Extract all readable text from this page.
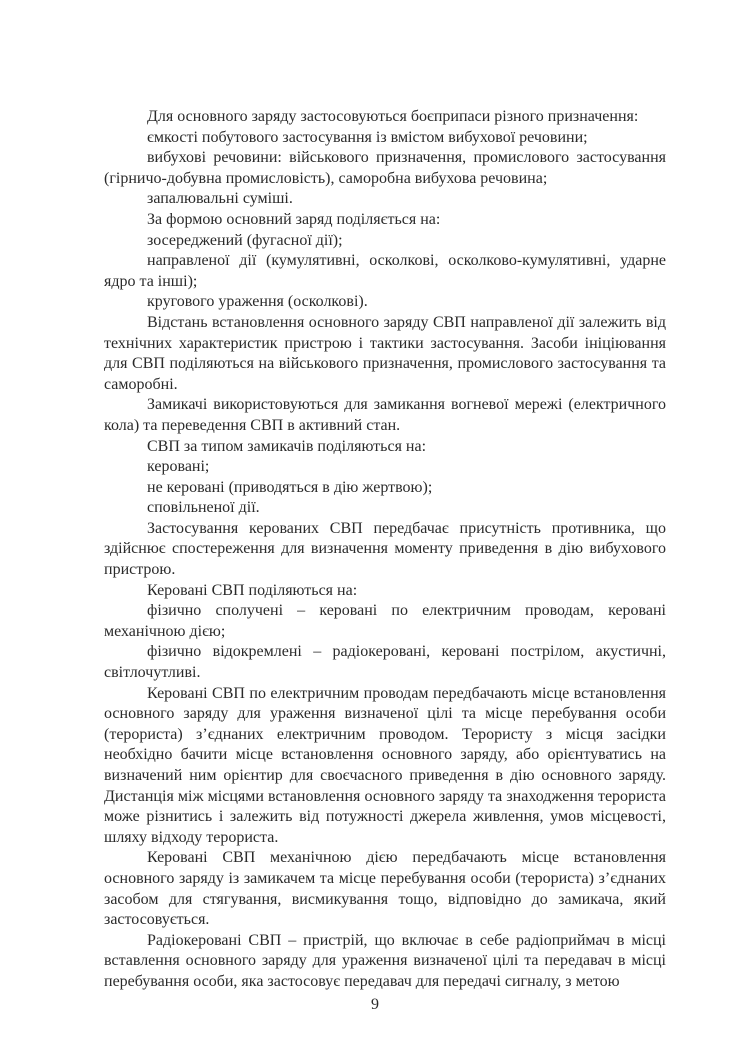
Для основного заряду застосовуються боєприпаси різного призначення:

ємкості побутового застосування із вмістом вибухової речовини;

вибухові речовини: військового призначення, промислового застосування (гірничо-добувна промисловість), саморобна вибухова речовина;

запалювальні суміші.

За формою основний заряд поділяється на:

зосереджений (фугасної дії);

направленої дії (кумулятивні, осколкові, осколково-кумулятивні, ударне ядро та інші);

кругового ураження (осколкові).

Відстань встановлення основного заряду СВП направленої дії залежить від технічних характеристик пристрою і тактики застосування. Засоби ініціювання для СВП поділяються на військового призначення, промислового застосування та саморобні.

Замикачі використовуються для замикання вогневої мережі (електричного кола) та переведення СВП в активний стан.

СВП за типом замикачів поділяються на:

керовані;

не керовані (приводяться в дію жертвою);

сповільненої дії.

Застосування керованих СВП передбачає присутність противника, що здійснює спостереження для визначення моменту приведення в дію вибухового пристрою.

Керовані СВП поділяються на:

фізично сполучені – керовані по електричним проводам, керовані механічною дією;

фізично відокремлені – радіокеровані, керовані пострілом, акустичні, світлочутливі.

Керовані СВП по електричним проводам передбачають місце встановлення основного заряду для ураження визначеної цілі та місце перебування особи (терориста) з’єднаних електричним проводом. Терористу з місця засідки необхідно бачити місце встановлення основного заряду, або орієнтуватись на визначений ним орієнтир для своєчасного приведення в дію основного заряду. Дистанція між місцями встановлення основного заряду та знаходження терориста може різнитись і залежить від потужності джерела живлення, умов місцевості, шляху відходу терориста.

Керовані СВП механічною дією передбачають місце встановлення основного заряду із замикачем та місце перебування особи (терориста) з’єднаних засобом для стягування, висмикування тощо, відповідно до замикача, який застосовується.

Радіокеровані СВП – пристрій, що включає в себе радіоприймач в місці вставлення основного заряду для ураження визначеної цілі та передавач в місці перебування особи, яка застосовує передавач для передачі сигналу, з метою

9
